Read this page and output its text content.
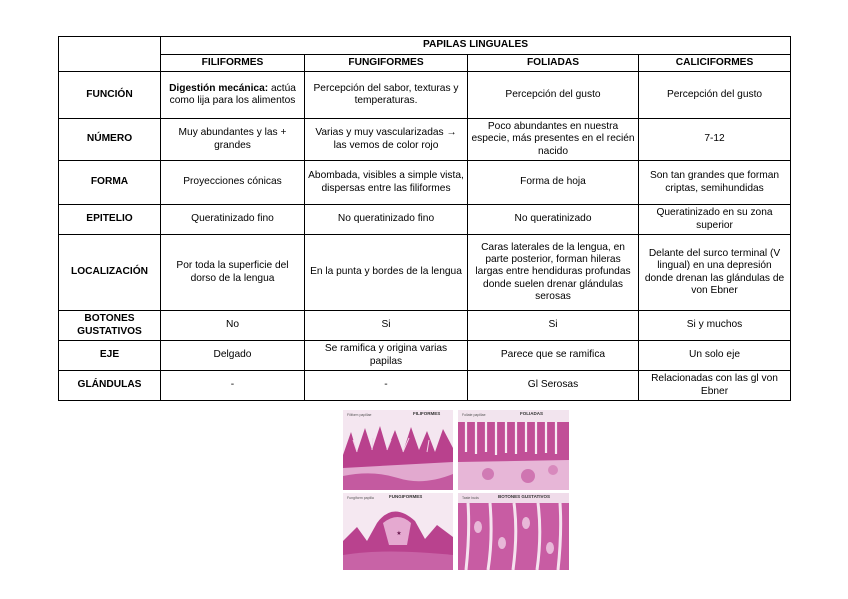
	PAPILAS LINGUALES			
	FILIFORMES	FUNGIFORMES	FOLIADAS	CALICIFORMES
FUNCIÓN	Digestión mecánica: actúa como lija para los alimentos	Percepción del sabor, texturas y temperaturas.	Percepción del gusto	Percepción del gusto
NÚMERO	Muy abundantes y las + grandes	Varias y muy vascularizadas → las vemos de color rojo	Poco abundantes en nuestra especie, más presentes en el recién nacido	7-12
FORMA	Proyecciones cónicas	Abombada, visibles a simple vista, dispersas entre las filiformes	Forma de hoja	Son tan grandes que forman criptas, semihundidas
EPITELIO	Queratinizado fino	No queratinizado fino	No queratinizado	Queratinizado en su zona superior
LOCALIZACIÓN	Por toda la superficie del dorso de la lengua	En la punta y bordes de la lengua	Caras laterales de la lengua, en parte posterior, forman hileras largas entre hendiduras profundas donde suelen drenar glándulas serosas	Delante del surco terminal (V lingual) en una depresión donde drenan las glándulas de von Ebner
BOTONES GUSTATIVOS	No	Si	Si	Si y muchos
EJE	Delgado	Se ramifica y origina varias papilas	Parece que se ramifica	Un solo eje
GLÁNDULAS	-	-	Gl Serosas	Relacionadas con las gl von Ebner
Filiform papillae	FILIFORMES	Foliate papillae	FOLIADAS
★
Fungiform papilla	FUNGIFORMES	Taste buds	BOTONES GUSTATIVOS
